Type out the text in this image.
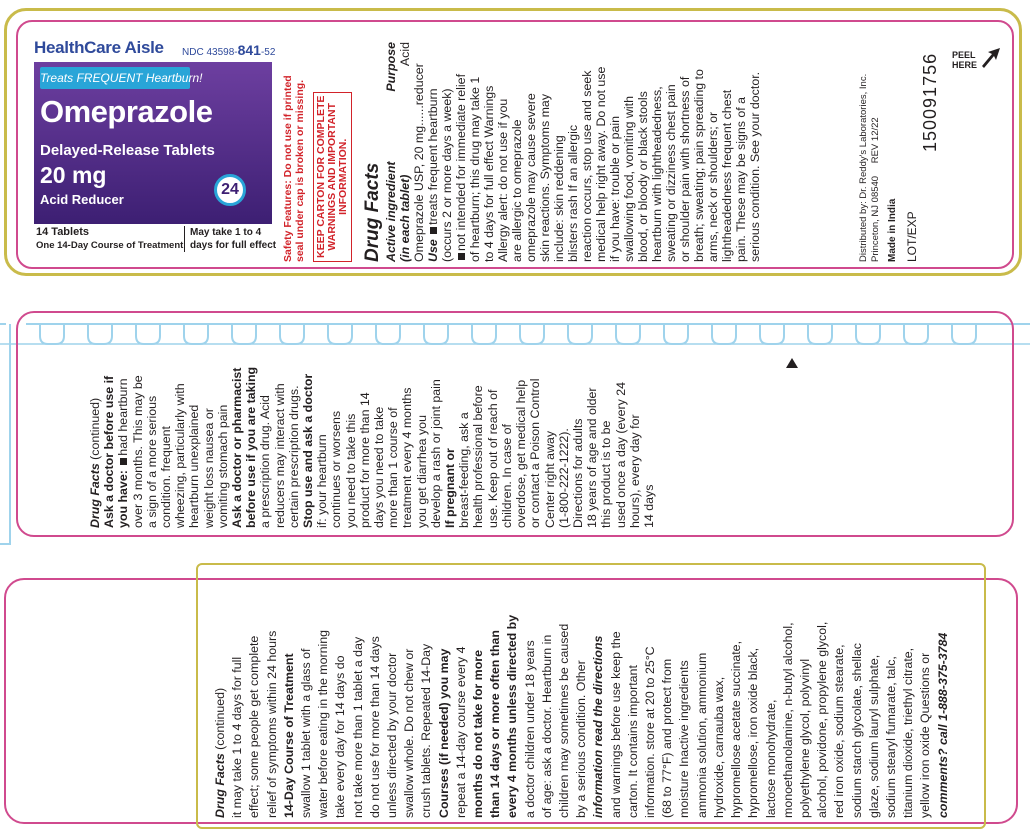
HealthCare Aisle NDC 43598-841-52
Treats FREQUENT Heartburn!
Omeprazole
Delayed-Release Tablets
20 mg
Acid Reducer
24
14 Tablets
One 14-Day Course of Treatment
May take 1 to 4
days for full effect Safety Features: Do not use if printed seal under cap is broken or missing. KEEP CARTON FOR COMPLETE WARNINGS AND IMPORTANT INFORMATION. Drug Facts Active ingredient
Purpose
(in each tablet)
Acid
Omeprazole USP, 20 mg......reducer Use treats frequent heartburn (occurs 2 or more days a week) not intended for immediate relief of heartburn; this drug may take 1 to 4 days for full effect Warnings Allergy alert: do not use if you are allergic to omeprazole omeprazole may cause severe skin reactions. Symptoms may include: skin reddening blisters rash If an allergic reaction occurs, stop use and seek medical help right away. Do not use if you have: trouble or pain swallowing food, vomiting with blood, or bloody or black stools heartburn with lightheadedness, sweating or dizziness chest pain or shoulder pain with shortness of breath; sweating; pain spreading to arms, neck or shoulders; or lightheadedness frequent chest pain. These may be signs of a serious condition. See your doctor.	Distributed by: Dr. Reddy's Laboratories, Inc. Princeton, NJ 08540 REV 12/22
Made in India LOT/EXP
150091756 PEEL
HERE
Drug Facts (continued) Ask a doctor before use if you have: had heartburn over 3 months. This may be a sign of a more serious condition. frequent wheezing, particularly with heartburn unexplained weight loss nausea or vomiting stomach pain Ask a doctor or pharmacist before use if you are taking a prescription drug. Acid reducers may interact with certain prescription drugs. Stop use and ask a doctor if: your heartburn continues or worsens you need to take this product for more than 14 days you need to take more than 1 course of treatment every 4 months you get diarrhea you develop a rash or joint pain If pregnant or breast-feeding, ask a health professional before use. Keep out of reach of children. In case of overdose, get medical help or contact a Poison Control Center right away (1-800-222-1222). Directions for adults 18 years of age and older this product is to be used once a day (every 24 hours), every day for 14 days
Drug Facts (continued) it may take 1 to 4 days for full effect; some people get complete relief of symptoms within 24 hours 14-Day Course of Treatment swallow 1 tablet with a glass of water before eating in the morning take every day for 14 days do not take more than 1 tablet a day do not use for more than 14 days unless directed by your doctor swallow whole. Do not chew or crush tablets. Repeated 14-Day Courses (if needed) you may repeat a 14-day course every 4 months do not take for more than 14 days or more often than every 4 months unless directed by a doctor children under 18 years of age: ask a doctor. Heartburn in children may sometimes be caused by a serious condition. Other information read the directions and warnings before use keep the carton. It contains important information. store at 20 to 25°C (68 to 77°F) and protect from moisture Inactive ingredients ammonia solution, ammonium hydroxide, carnauba wax, hypromellose acetate succinate, hypromellose, iron oxide black, lactose monohydrate, monoethanolamine, n-butyl alcohol, polyethylene glycol, polyvinyl alcohol, povidone, propylene glycol, red iron oxide, sodium stearate, sodium starch glycolate, shellac glaze, sodium lauryl sulphate, sodium stearyl fumarate, talc, titanium dioxide, triethyl citrate, yellow iron oxide Questions or comments? call 1-888-375-3784
